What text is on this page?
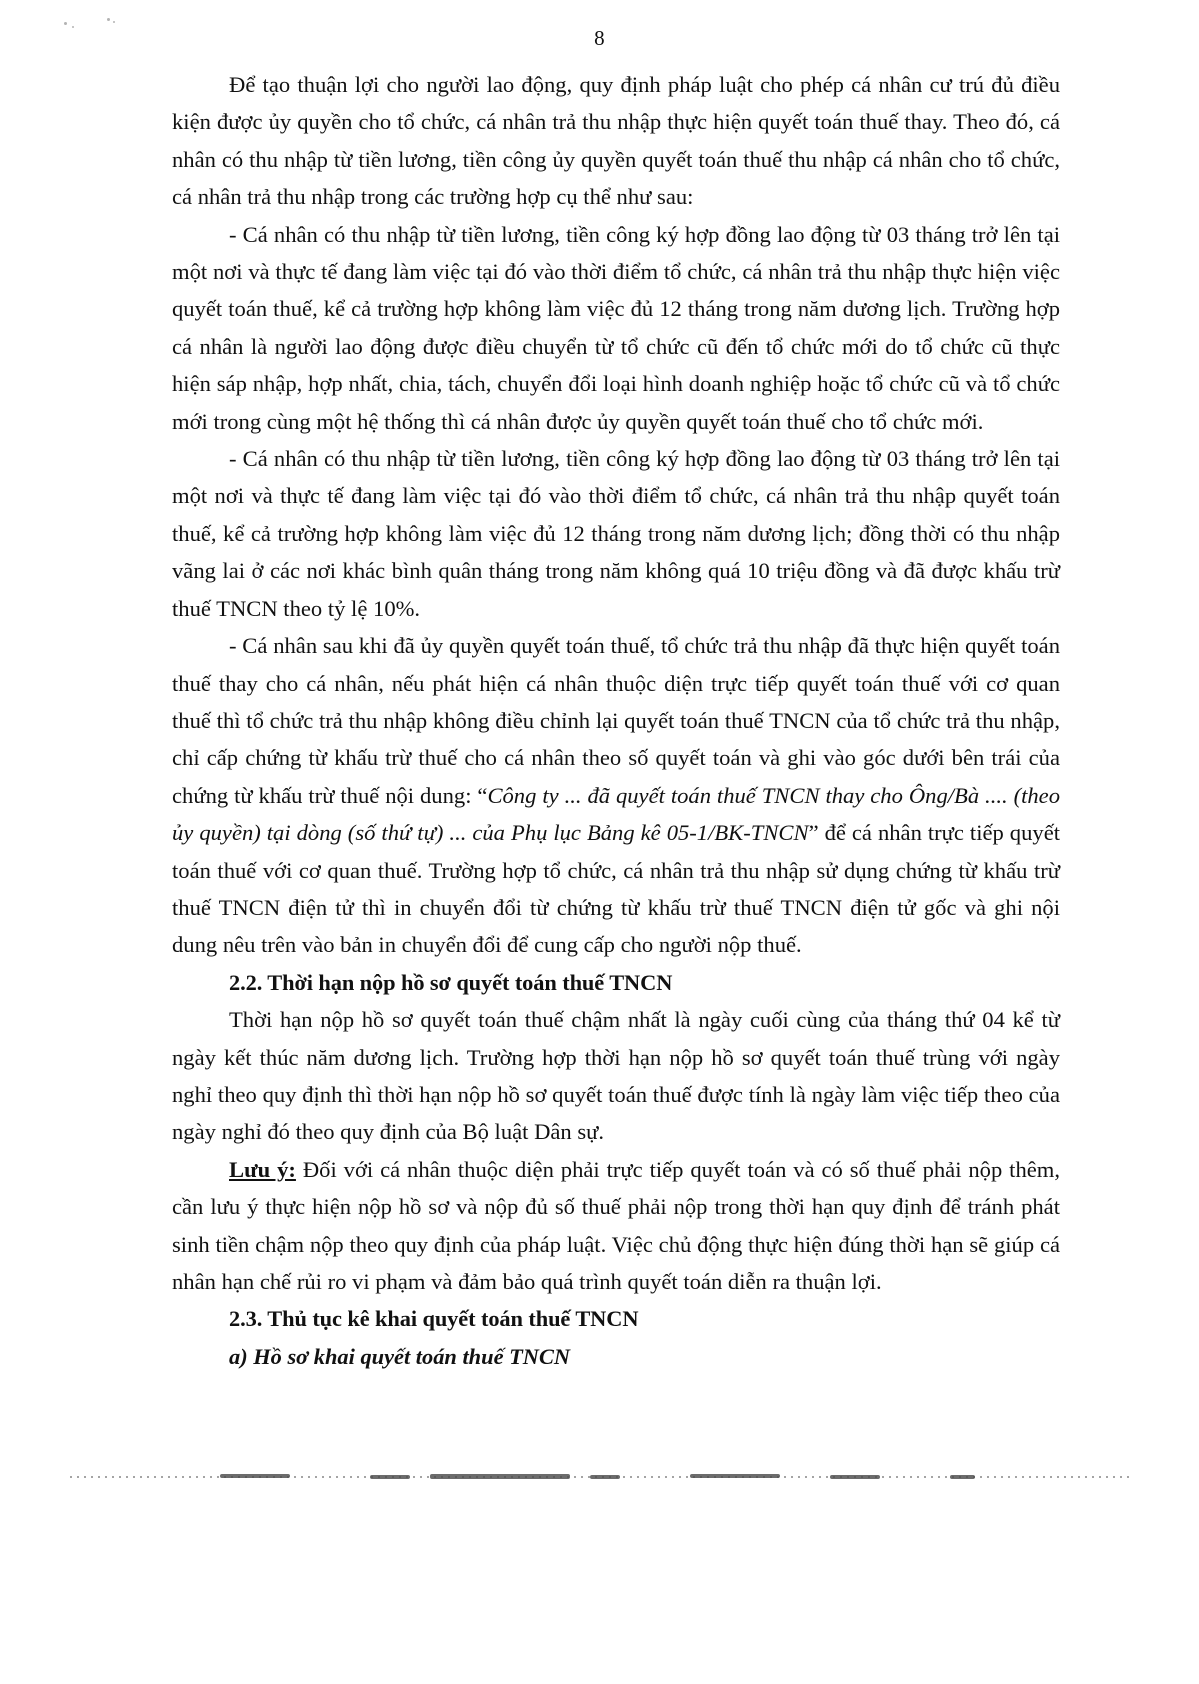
8

Để tạo thuận lợi cho người lao động, quy định pháp luật cho phép cá nhân cư trú đủ điều kiện được ủy quyền cho tổ chức, cá nhân trả thu nhập thực hiện quyết toán thuế thay. Theo đó, cá nhân có thu nhập từ tiền lương, tiền công ủy quyền quyết toán thuế thu nhập cá nhân cho tổ chức, cá nhân trả thu nhập trong các trường hợp cụ thể như sau:

- Cá nhân có thu nhập từ tiền lương, tiền công ký hợp đồng lao động từ 03 tháng trở lên tại một nơi và thực tế đang làm việc tại đó vào thời điểm tổ chức, cá nhân trả thu nhập thực hiện việc quyết toán thuế, kể cả trường hợp không làm việc đủ 12 tháng trong năm dương lịch. Trường hợp cá nhân là người lao động được điều chuyển từ tổ chức cũ đến tổ chức mới do tổ chức cũ thực hiện sáp nhập, hợp nhất, chia, tách, chuyển đổi loại hình doanh nghiệp hoặc tổ chức cũ và tổ chức mới trong cùng một hệ thống thì cá nhân được ủy quyền quyết toán thuế cho tổ chức mới.

- Cá nhân có thu nhập từ tiền lương, tiền công ký hợp đồng lao động từ 03 tháng trở lên tại một nơi và thực tế đang làm việc tại đó vào thời điểm tổ chức, cá nhân trả thu nhập quyết toán thuế, kể cả trường hợp không làm việc đủ 12 tháng trong năm dương lịch; đồng thời có thu nhập vãng lai ở các nơi khác bình quân tháng trong năm không quá 10 triệu đồng và đã được khấu trừ thuế TNCN theo tỷ lệ 10%.

- Cá nhân sau khi đã ủy quyền quyết toán thuế, tổ chức trả thu nhập đã thực hiện quyết toán thuế thay cho cá nhân, nếu phát hiện cá nhân thuộc diện trực tiếp quyết toán thuế với cơ quan thuế thì tổ chức trả thu nhập không điều chỉnh lại quyết toán thuế TNCN của tổ chức trả thu nhập, chỉ cấp chứng từ khấu trừ thuế cho cá nhân theo số quyết toán và ghi vào góc dưới bên trái của chứng từ khấu trừ thuế nội dung: “Công ty ... đã quyết toán thuế TNCN thay cho Ông/Bà .... (theo ủy quyền) tại dòng (số thứ tự) ... của Phụ lục Bảng kê 05-1/BK-TNCN” để cá nhân trực tiếp quyết toán thuế với cơ quan thuế. Trường hợp tổ chức, cá nhân trả thu nhập sử dụng chứng từ khấu trừ thuế TNCN điện tử thì in chuyển đổi từ chứng từ khấu trừ thuế TNCN điện tử gốc và ghi nội dung nêu trên vào bản in chuyển đổi để cung cấp cho người nộp thuế.

2.2. Thời hạn nộp hồ sơ quyết toán thuế TNCN

Thời hạn nộp hồ sơ quyết toán thuế chậm nhất là ngày cuối cùng của tháng thứ 04 kể từ ngày kết thúc năm dương lịch. Trường hợp thời hạn nộp hồ sơ quyết toán thuế trùng với ngày nghỉ theo quy định thì thời hạn nộp hồ sơ quyết toán thuế được tính là ngày làm việc tiếp theo của ngày nghỉ đó theo quy định của Bộ luật Dân sự.

Lưu ý: Đối với cá nhân thuộc diện phải trực tiếp quyết toán và có số thuế phải nộp thêm, cần lưu ý thực hiện nộp hồ sơ và nộp đủ số thuế phải nộp trong thời hạn quy định để tránh phát sinh tiền chậm nộp theo quy định của pháp luật. Việc chủ động thực hiện đúng thời hạn sẽ giúp cá nhân hạn chế rủi ro vi phạm và đảm bảo quá trình quyết toán diễn ra thuận lợi.

2.3. Thủ tục kê khai quyết toán thuế TNCN
a) Hồ sơ khai quyết toán thuế TNCN
